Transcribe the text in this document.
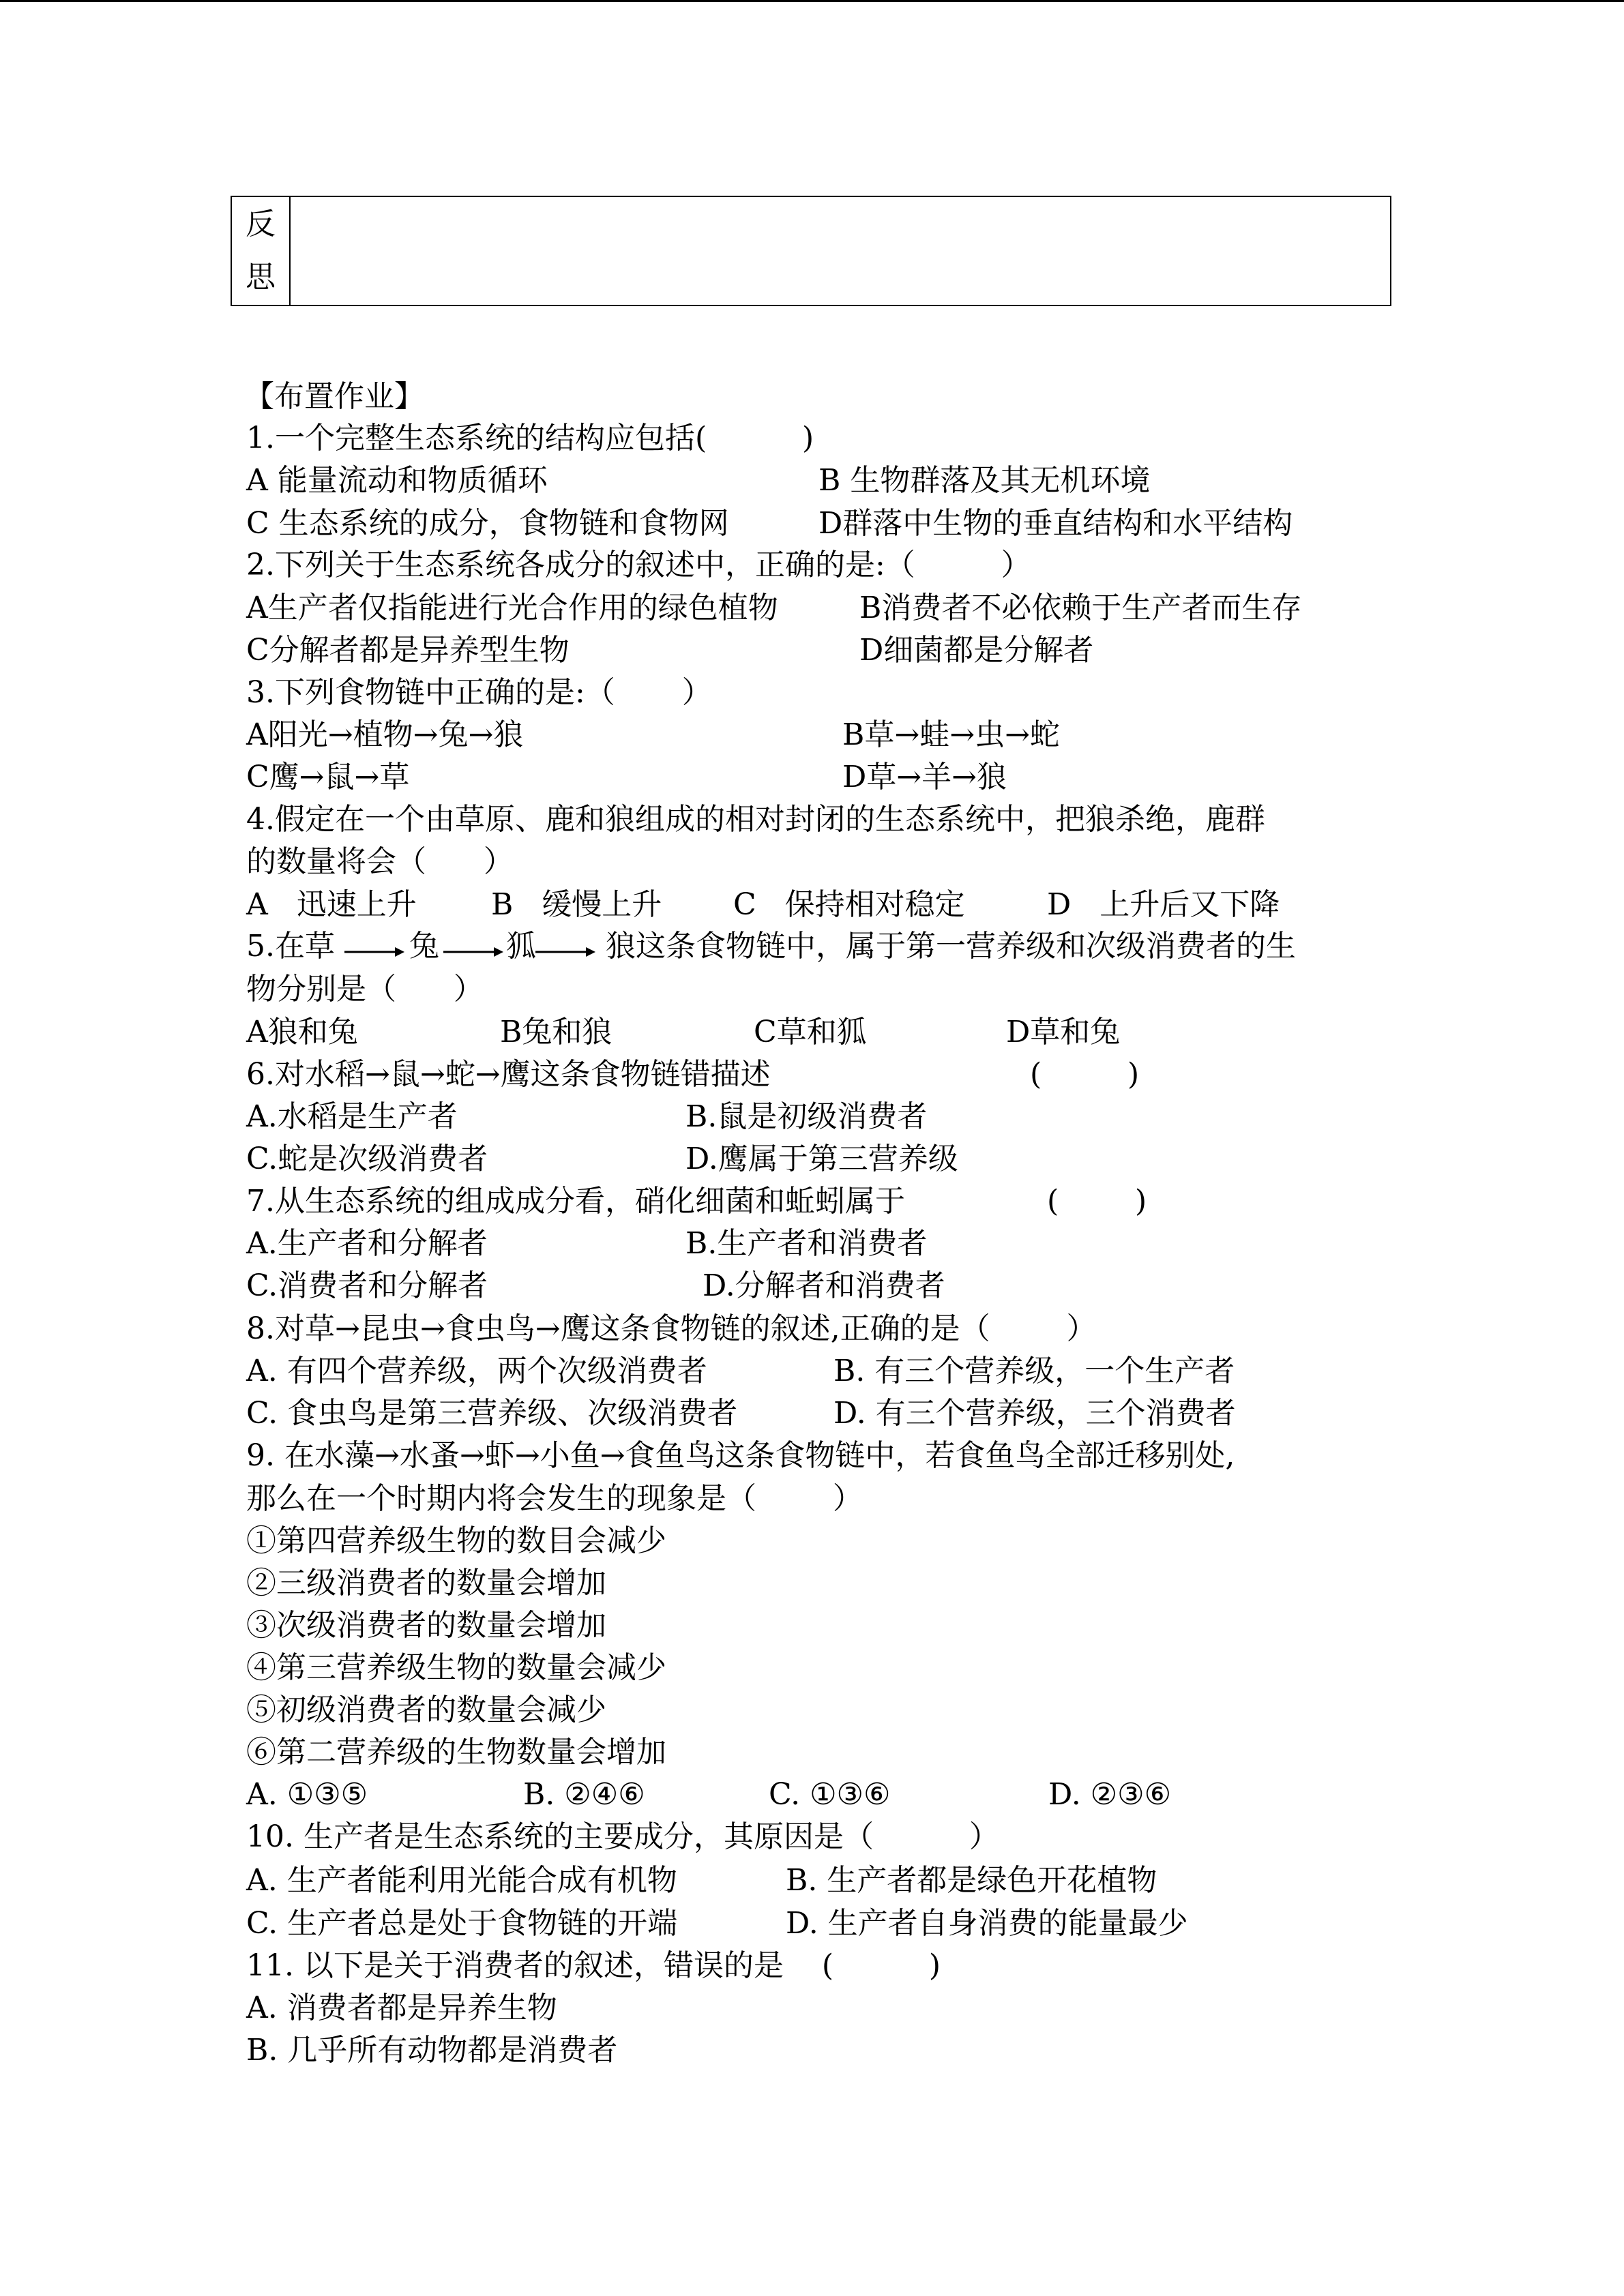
反
思
【布置作业】
1.一个完整生态系统的结构应包括(          )
A 能量流动和物质循环	B 生物群落及其无机环境
C 生态系统的成分，食物链和食物网	D群落中生物的垂直结构和水平结构
2.下列关于生态系统各成分的叙述中，正确的是:（         ）
A生产者仅指能进行光合作用的绿色植物	B消费者不必依赖于生产者而生存
C分解者都是异养型生物	D细菌都是分解者
3.下列食物链中正确的是:（       ）
A阳光→植物→兔→狼	B草→蛙→虫→蛇
C鹰→鼠→草	D草→羊→狼
4.假定在一个由草原、鹿和狼组成的相对封闭的生态系统中，把狼杀绝，鹿群
的数量将会（      ）
A   迅速上升 B   缓慢上升 C   保持相对稳定	D   上升后又下降
5.在草 兔 狐 狼这条食物链中，属于第一营养级和次级消费者的生
物分别是（      ）
A狼和兔	B兔和狼	C草和狐	D草和兔
6.对水稻→鼠→蛇→鹰这条食物链错描述	(         )
A.水稻是生产者	B.鼠是初级消费者
C.蛇是次级消费者	D.鹰属于第三营养级
7.从生态系统的组成成分看，硝化细菌和蚯蚓属于	(        )
A.生产者和分解者	B.生产者和消费者
C.消费者和分解者	D.分解者和消费者
8.对草→昆虫→食虫鸟→鹰这条食物链的叙述,正确的是（        ）
A. 有四个营养级，两个次级消费者	B. 有三个营养级，一个生产者
C. 食虫鸟是第三营养级、次级消费者	D. 有三个营养级，三个消费者
9. 在水藻→水蚤→虾→小鱼→食鱼鸟这条食物链中，若食鱼鸟全部迁移别处,
那么在一个时期内将会发生的现象是（        ）
①第四营养级生物的数目会减少
②三级消费者的数量会增加
③次级消费者的数量会增加
④第三营养级生物的数量会减少
⑤初级消费者的数量会减少
⑥第二营养级的生物数量会增加
A. ①③⑤	B. ②④⑥	C. ①③⑥	D. ②③⑥
10. 生产者是生态系统的主要成分，其原因是（          ）
A. 生产者能利用光能合成有机物	B. 生产者都是绿色开花植物
C. 生产者总是处于食物链的开端	D. 生产者自身消费的能量最少
11. 以下是关于消费者的叙述，错误的是    (          )
A. 消费者都是异养生物
B. 几乎所有动物都是消费者
